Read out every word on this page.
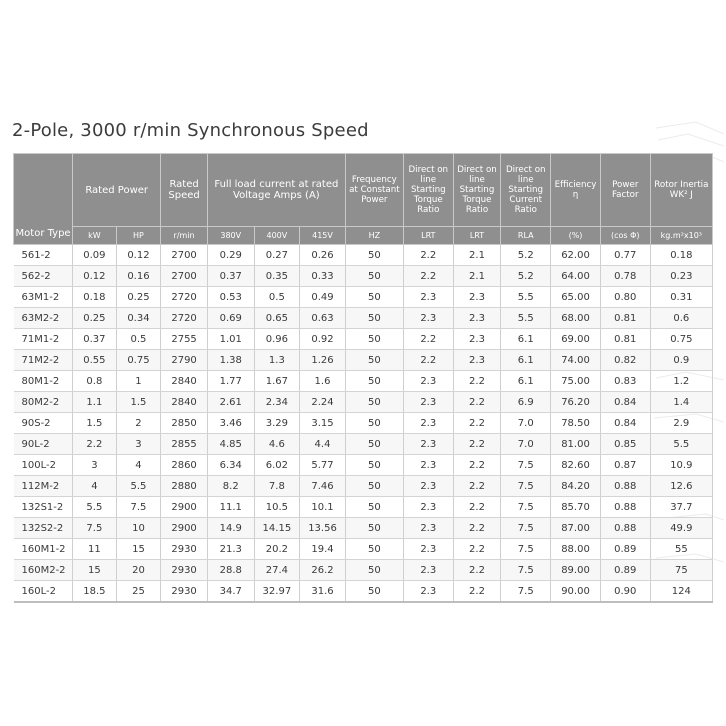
2-Pole, 3000 r/min Synchronous Speed
Motor Type	Rated Power		Rated Speed	Full load current at rated Voltage Amps (A)			Frequency at Constant Power	Direct on line Starting Torque Ratio	Direct on line Starting Torque Ratio	Direct on line Starting Current Ratio	Efficiency η	Power Factor	Rotor Inertia WK² J
	kW	HP	r/min	380V	400V	415V	HZ	LRT	LRT	RLA	(%)	(cos Φ)	kg.m²x10³
561-2	0.09	0.12	2700	0.29	0.27	0.26	50	2.2	2.1	5.2	62.00	0.77	0.18
562-2	0.12	0.16	2700	0.37	0.35	0.33	50	2.2	2.1	5.2	64.00	0.78	0.23
63M1-2	0.18	0.25	2720	0.53	0.5	0.49	50	2.3	2.3	5.5	65.00	0.80	0.31
63M2-2	0.25	0.34	2720	0.69	0.65	0.63	50	2.3	2.3	5.5	68.00	0.81	0.6
71M1-2	0.37	0.5	2755	1.01	0.96	0.92	50	2.2	2.3	6.1	69.00	0.81	0.75
71M2-2	0.55	0.75	2790	1.38	1.3	1.26	50	2.2	2.3	6.1	74.00	0.82	0.9
80M1-2	0.8	1	2840	1.77	1.67	1.6	50	2.3	2.2	6.1	75.00	0.83	1.2
80M2-2	1.1	1.5	2840	2.61	2.34	2.24	50	2.3	2.2	6.9	76.20	0.84	1.4
90S-2	1.5	2	2850	3.46	3.29	3.15	50	2.3	2.2	7.0	78.50	0.84	2.9
90L-2	2.2	3	2855	4.85	4.6	4.4	50	2.3	2.2	7.0	81.00	0.85	5.5
100L-2	3	4	2860	6.34	6.02	5.77	50	2.3	2.2	7.5	82.60	0.87	10.9
112M-2	4	5.5	2880	8.2	7.8	7.46	50	2.3	2.2	7.5	84.20	0.88	12.6
132S1-2	5.5	7.5	2900	11.1	10.5	10.1	50	2.3	2.2	7.5	85.70	0.88	37.7
132S2-2	7.5	10	2900	14.9	14.15	13.56	50	2.3	2.2	7.5	87.00	0.88	49.9
160M1-2	11	15	2930	21.3	20.2	19.4	50	2.3	2.2	7.5	88.00	0.89	55
160M2-2	15	20	2930	28.8	27.4	26.2	50	2.3	2.2	7.5	89.00	0.89	75
160L-2	18.5	25	2930	34.7	32.97	31.6	50	2.3	2.2	7.5	90.00	0.90	124
